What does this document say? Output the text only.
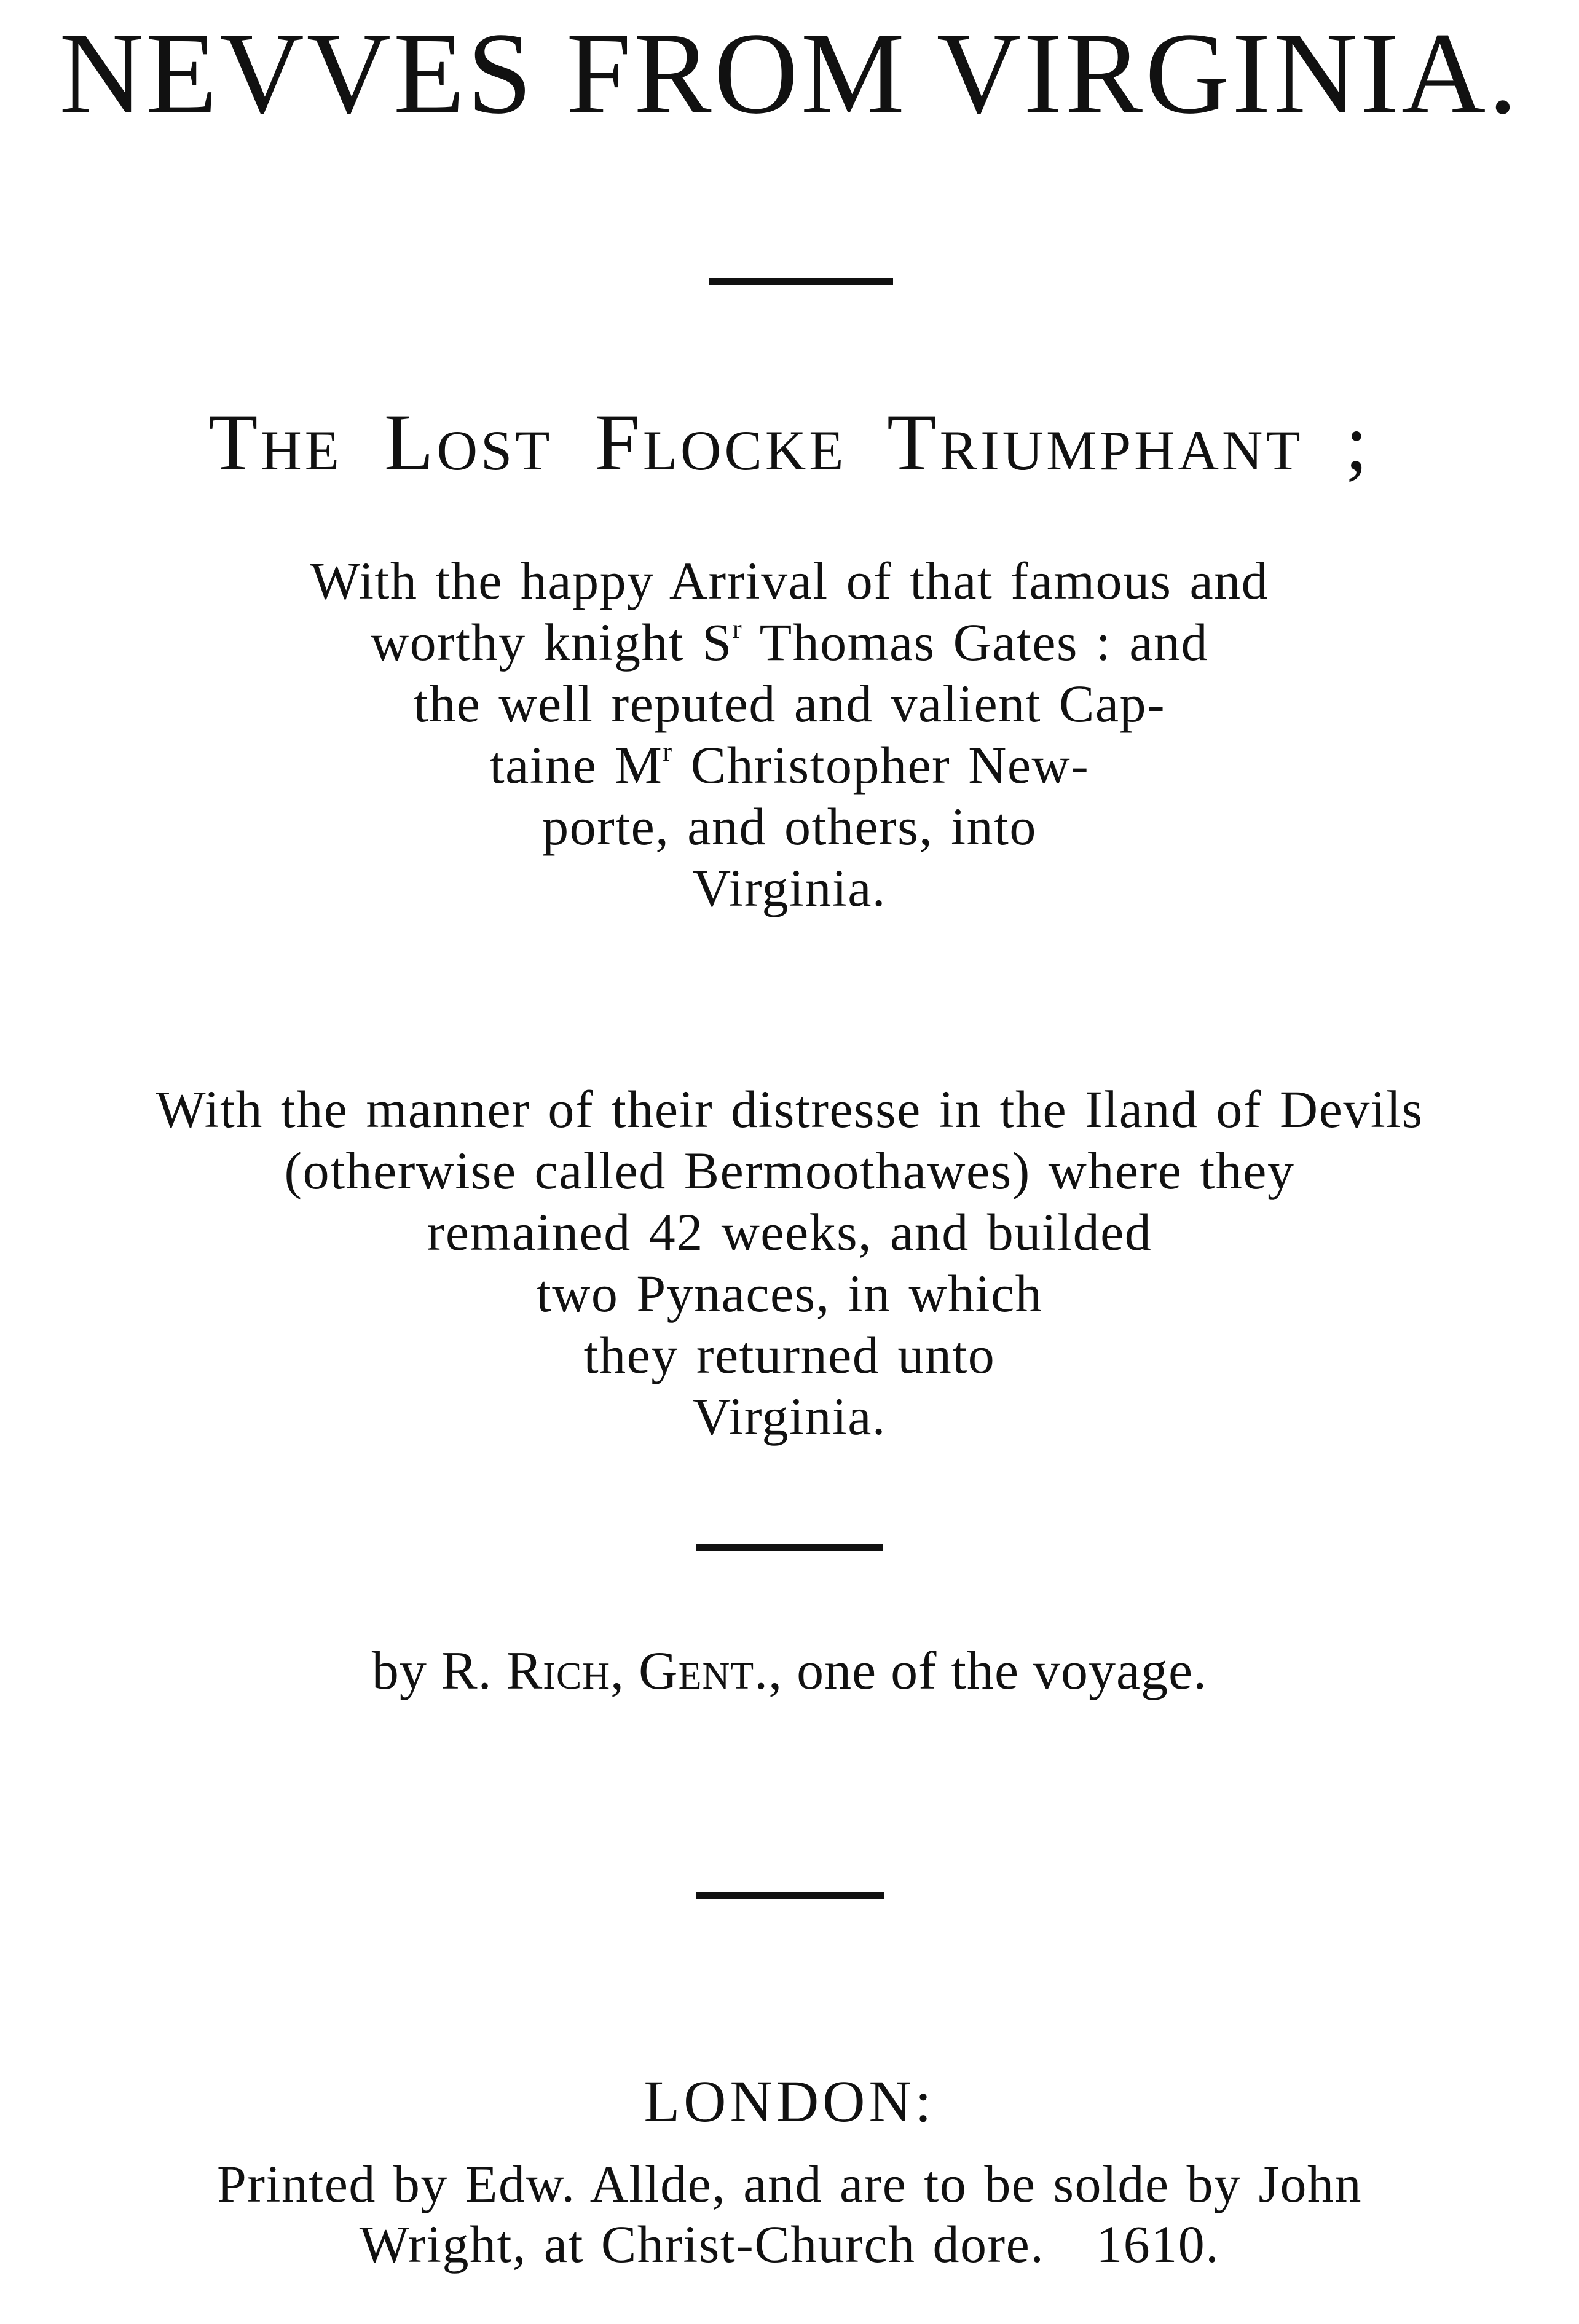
NEVVES FROM VIRGINIA.
The Lost Flocke Triumphant ;
With the happy Arrival of that famous and
worthy knight $S^r$ Thomas Gates : and
the well reputed and valient Cap-
taine $M^r$ Christopher New-
porte, and others, into
Virginia.
With the manner of their distresse in the Iland of Devils
(otherwise called Bermoothawes) where they
remained 42 weeks, and builded
two Pynaces, in which
they returned unto
Virginia.
by R. Rich, Gent., one of the voyage.
LONDON:
Printed by Edw. Allde, and are to be solde by John
Wright, at Christ-Church dore.   1610.
